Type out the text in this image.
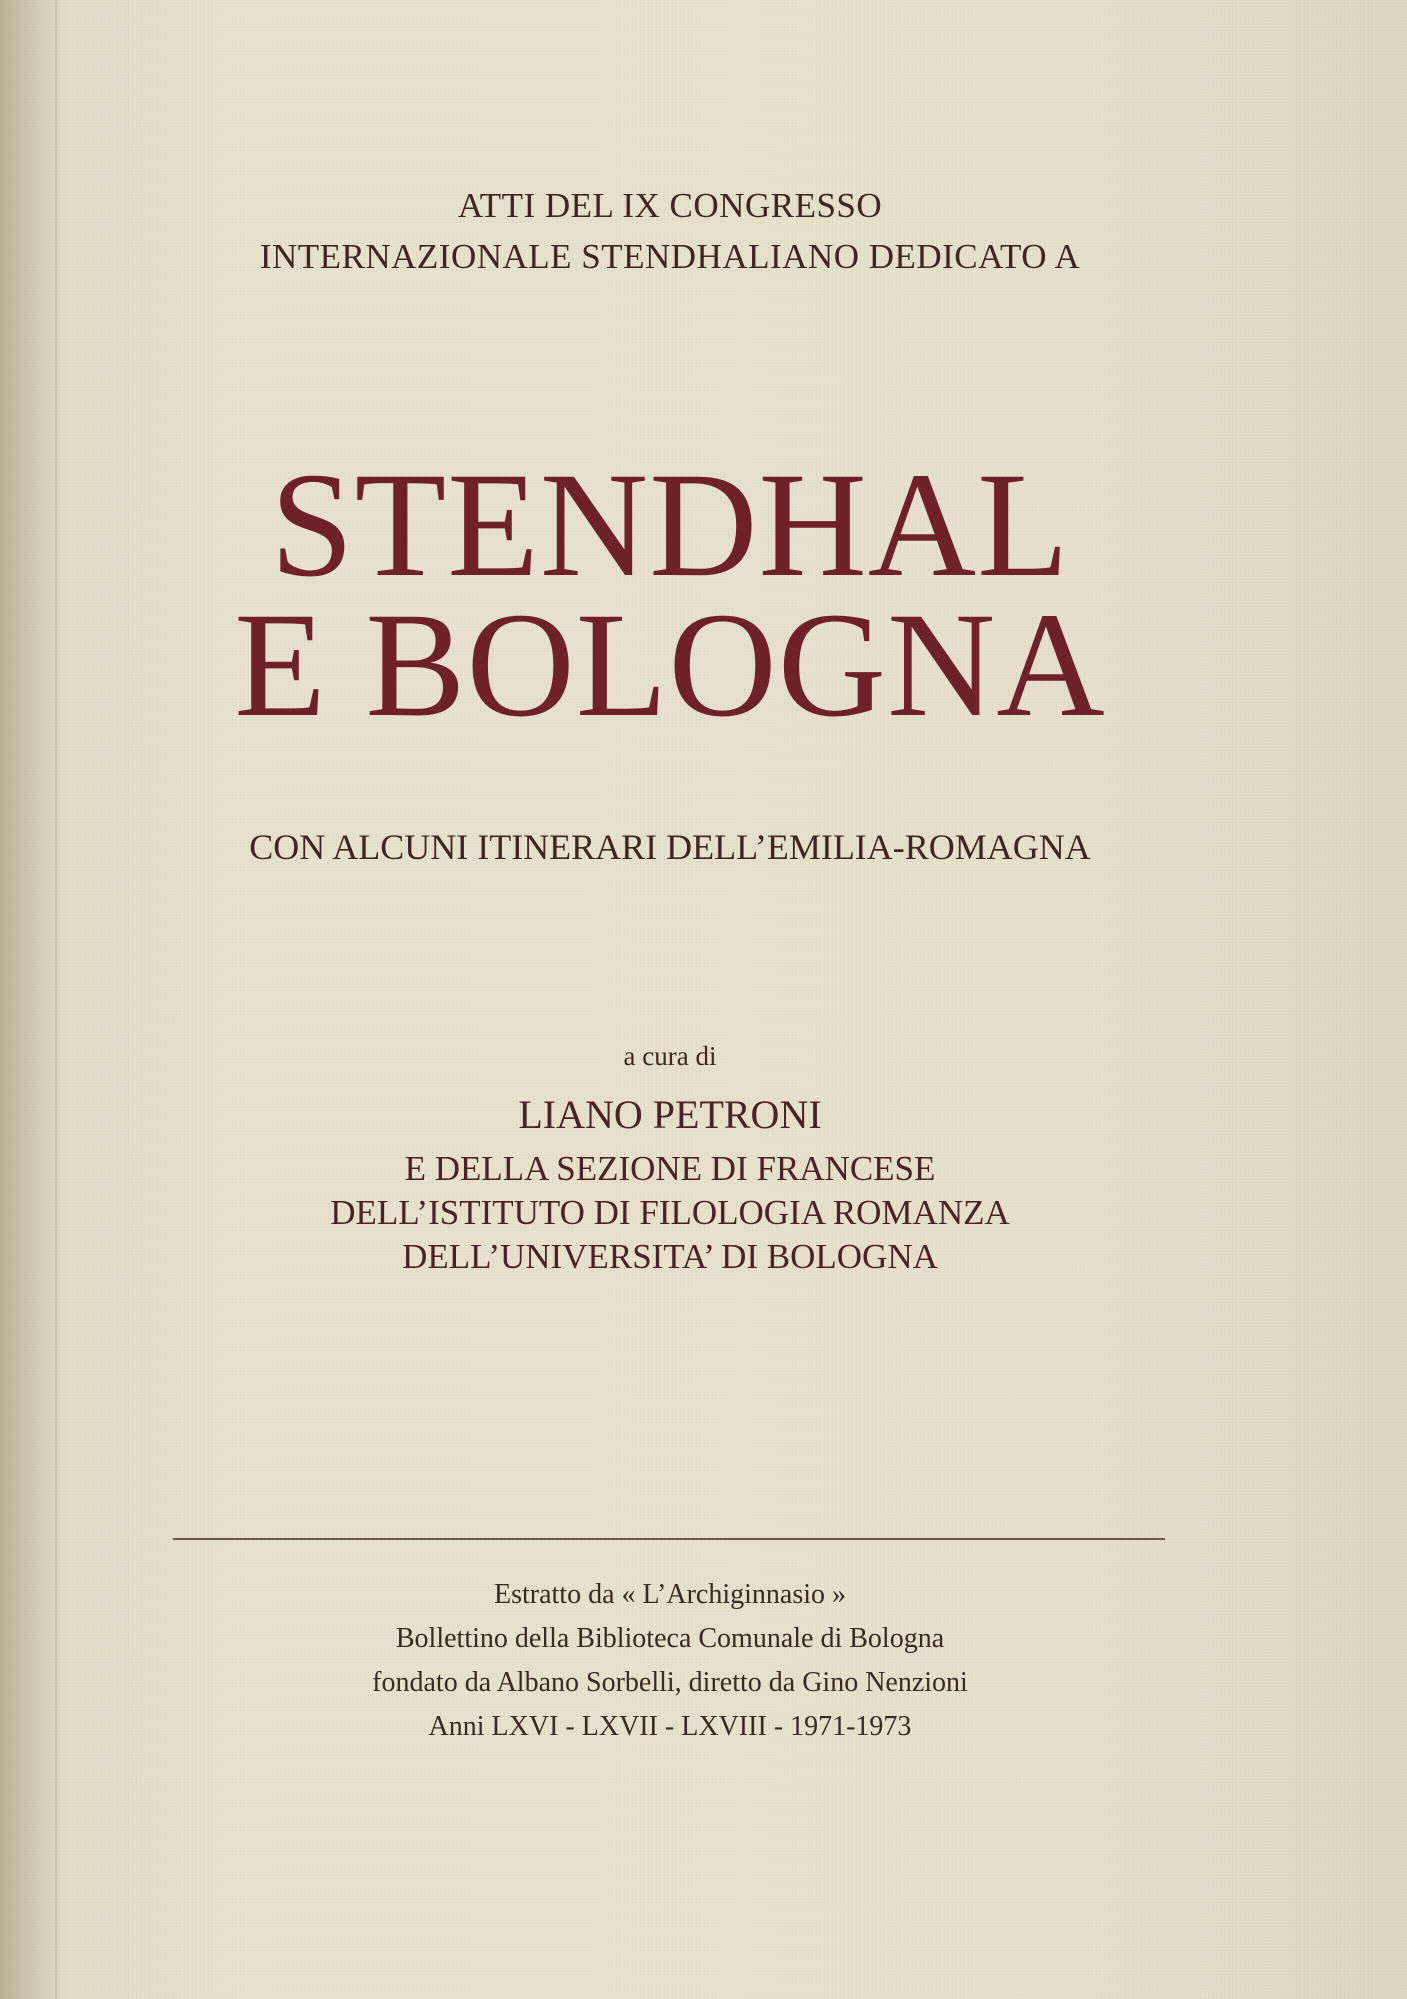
ATTI DEL IX CONGRESSO
INTERNAZIONALE STENDHALIANO DEDICATO A
STENDHAL
E BOLOGNA
CON ALCUNI ITINERARI DELL’EMILIA-ROMAGNA
a cura di
LIANO PETRONI
E DELLA SEZIONE DI FRANCESE
DELL’ISTITUTO DI FILOLOGIA ROMANZA
DELL’UNIVERSITA’ DI BOLOGNA
Estratto da « L’Archiginnasio »
Bollettino della Biblioteca Comunale di Bologna
fondato da Albano Sorbelli, diretto da Gino Nenzioni
Anni LXVI - LXVII - LXVIII - 1971-1973
